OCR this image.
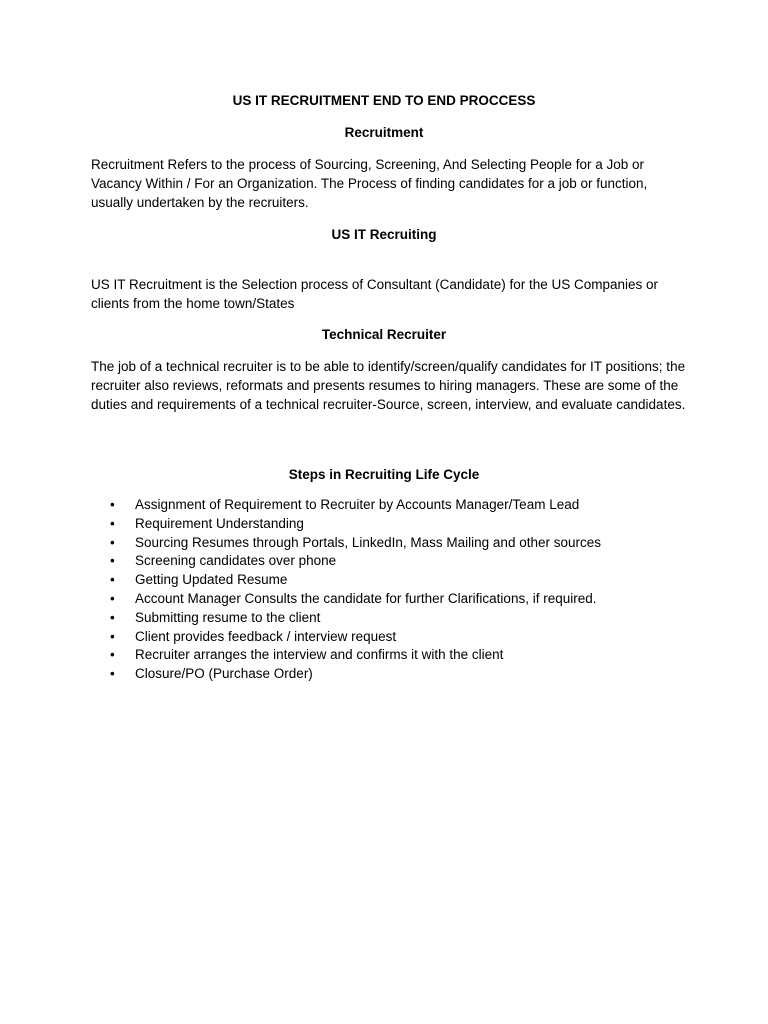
US IT RECRUITMENT END TO END PROCCESS
Recruitment

Recruitment Refers to the process of Sourcing, Screening, And Selecting People for a Job or Vacancy Within / For an Organization. The Process of finding candidates for a job or function, usually undertaken by the recruiters.

US IT Recruiting

US IT Recruitment is the Selection process of Consultant (Candidate) for the US Companies or clients from the home town/States

Technical Recruiter

The job of a technical recruiter is to be able to identify/screen/qualify candidates for IT positions; the recruiter also reviews, reformats and presents resumes to hiring managers. These are some of the duties and requirements of a technical recruiter-Source, screen, interview, and evaluate candidates.

Steps in Recruiting Life Cycle
• Assignment of Requirement to Recruiter by Accounts Manager/Team Lead
• Requirement Understanding
• Sourcing Resumes through Portals, LinkedIn, Mass Mailing and other sources
• Screening candidates over phone
• Getting Updated Resume
• Account Manager Consults the candidate for further Clarifications, if required.
• Submitting resume to the client
• Client provides feedback / interview request
• Recruiter arranges the interview and confirms it with the client
• Closure/PO (Purchase Order)
